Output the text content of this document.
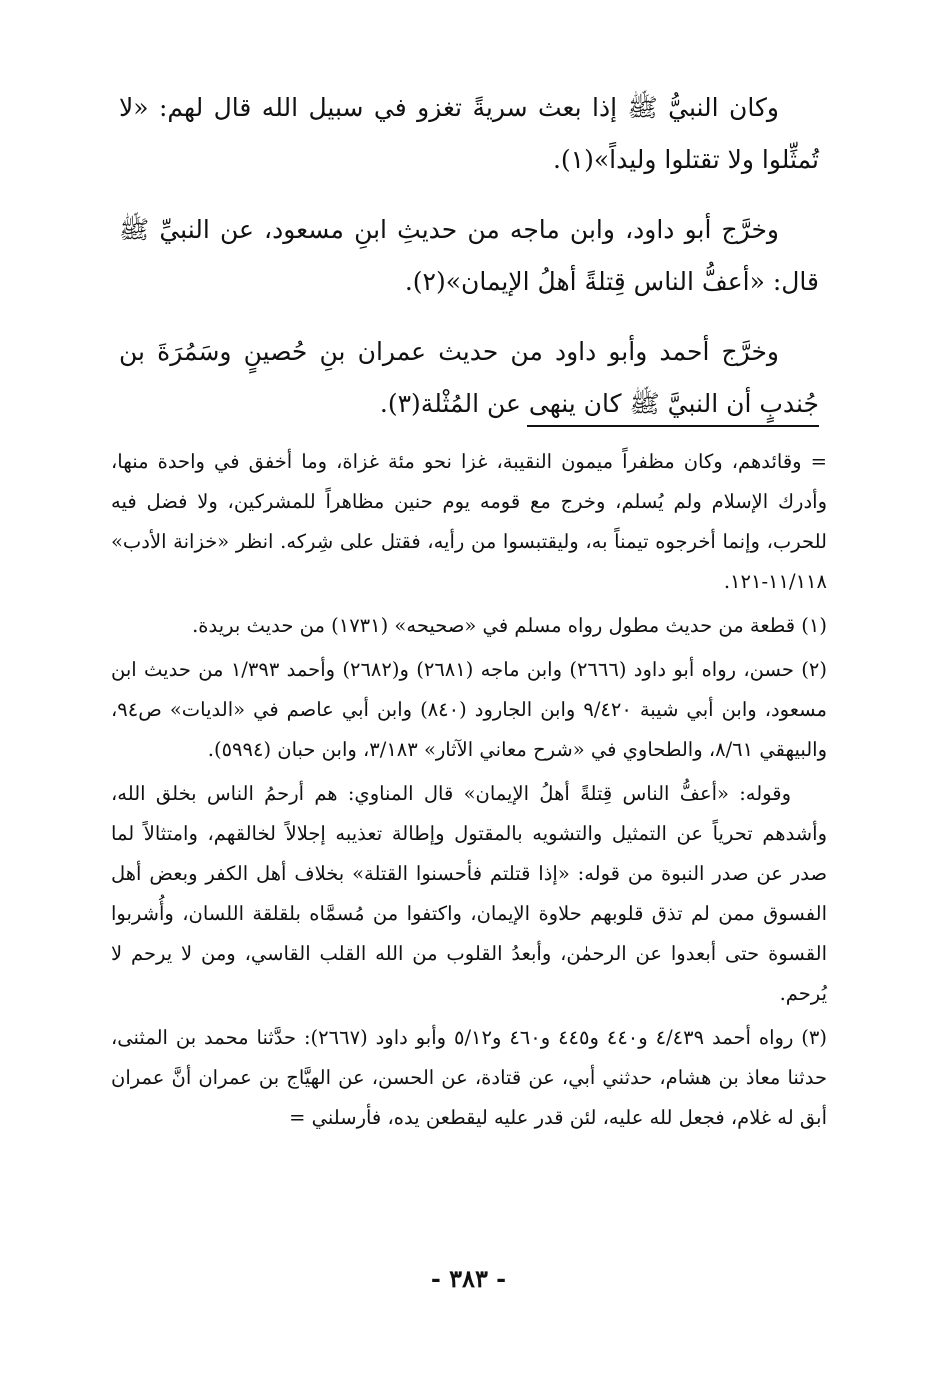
وكان النبيُّ ﷺ إذا بعث سريةً تغزو في سبيل الله قال لهم: «لا تُمثِّلوا ولا تقتلوا وليداً»(١).

وخرَّج أبو داود، وابن ماجه من حديثِ ابنِ مسعود، عن النبيِّ ﷺ قال: «أعفُّ الناس قِتلةً أهلُ الإيمان»(٢).

وخرَّج أحمد وأبو داود من حديث عمران بنِ حُصينٍ وسَمُرَةَ بن جُندبٍ أن النبيَّ ﷺ كان ينهى عن المُثْلة(٣).

= وقائدهم، وكان مظفراً ميمون النقيبة، غزا نحو مئة غزاة، وما أخفق في واحدة منها، وأدرك الإسلام ولم يُسلم، وخرج مع قومه يوم حنين مظاهراً للمشركين، ولا فضل فيه للحرب، وإنما أخرجوه تيمناً به، وليقتبسوا من رأيه، فقتل على شِركه. انظر «خزانة الأدب» ١١/١١٨-١٢١.

(١) قطعة من حديث مطول رواه مسلم في «صحيحه» (١٧٣١) من حديث بريدة.

(٢) حسن، رواه أبو داود (٢٦٦٦) وابن ماجه (٢٦٨١) و(٢٦٨٢) وأحمد ١/٣٩٣ من حديث ابن مسعود، وابن أبي شيبة ٩/٤٢٠ وابن الجارود (٨٤٠) وابن أبي عاصم في «الديات» ص٩٤، والبيهقي ٨/٦١، والطحاوي في «شرح معاني الآثار» ٣/١٨٣، وابن حبان (٥٩٩٤).

وقوله: «أعفُّ الناس قِتلةً أهلُ الإيمان» قال المناوي: هم أرحمُ الناس بخلق الله، وأشدهم تحرياً عن التمثيل والتشويه بالمقتول وإطالة تعذيبه إجلالاً لخالقهم، وامتثالاً لما صدر عن صدر النبوة من قوله: «إذا قتلتم فأحسنوا القتلة» بخلاف أهل الكفر وبعض أهل الفسوق ممن لم تذق قلوبهم حلاوة الإيمان، واكتفوا من مُسمَّاه بلقلقة اللسان، وأُشربوا القسوة حتى أبعدوا عن الرحمٰن، وأبعدُ القلوب من الله القلب القاسي، ومن لا يرحم لا يُرحم.

(٣) رواه أحمد ٤/٤٣٩ و٤٤٠ و٤٤٥ و٤٦٠ و٥/١٢ وأبو داود (٢٦٦٧): حدَّثنا محمد بن المثنى، حدثنا معاذ بن هشام، حدثني أبي، عن قتادة، عن الحسن، عن الهيَّاج بن عمران أنَّ عمران أبق له غلام، فجعل لله عليه، لئن قدر عليه ليقطعن يده، فأرسلني =

- ٣٨٣ -
